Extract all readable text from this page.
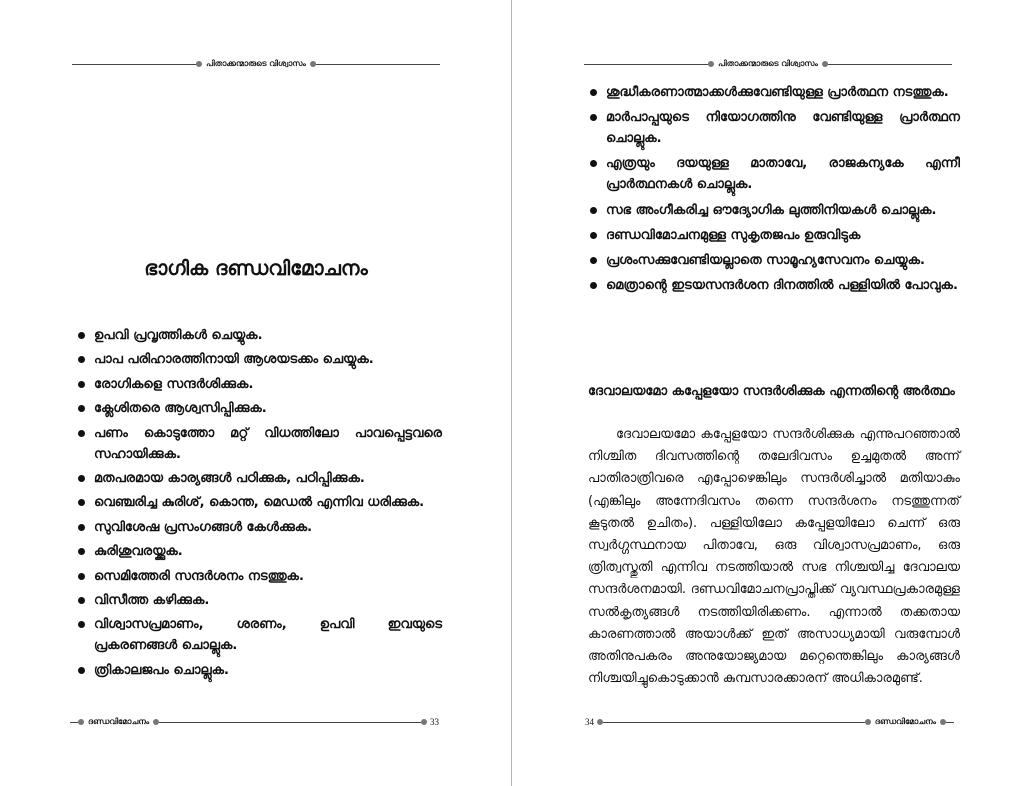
പിതാക്കന്മാരുടെ വിശ്വാസം
ഭാഗിക ദണ്ഡവിമോചനം
ഉപവി പ്രവൃത്തികൾ ചെയ്യുക.
പാപ പരിഹാരത്തിനായി ആശയടക്കം ചെയ്യുക.
രോഗികളെ സന്ദർശിക്കുക.
ക്ലേശിതരെ ആശ്വസിപ്പിക്കുക.
പണം കൊടുത്തോ മറ്റ് വിധത്തിലോ പാവപ്പെട്ടവരെ സഹായിക്കുക.
മതപരമായ കാര്യങ്ങൾ പഠിക്കുക, പഠിപ്പിക്കുക.
വെഞ്ചരിച്ച കുരിശ്, കൊന്ത, മെഡൽ എന്നിവ ധരിക്കുക.
സുവിശേഷ പ്രസംഗങ്ങൾ കേൾക്കുക.
കുരിശുവരയ്ക്കുക.
സെമിത്തേരി സന്ദർശനം നടത്തുക.
വിസീത്ത കഴിക്കുക.
വിശ്വാസപ്രമാണം, ശരണം, ഉപവി ഇവയുടെ പ്രകരണങ്ങൾ ചൊല്ലുക.
ത്രികാലജപം ചൊല്ലുക.
ദണ്ഡവിമോചനം	33
പിതാക്കന്മാരുടെ വിശ്വാസം
ശുദ്ധീകരണാത്മാക്കൾക്കുവേണ്ടിയുള്ള പ്രാർത്ഥന നടത്തുക.
മാർപാപ്പയുടെ നിയോഗത്തിനു വേണ്ടിയുള്ള പ്രാർത്ഥന ചൊല്ലുക.
എത്രയും ദയയുള്ള മാതാവേ, രാജകന്യകേ എന്നീ പ്രാർത്ഥനകൾ ചൊല്ലുക.
സഭ അംഗീകരിച്ച ഔദ്യോഗിക ലുത്തിനിയകൾ ചൊല്ലുക.
ദണ്ഡവിമോചനമുള്ള സുകൃതജപം ഉരുവിടുക
പ്രശംസക്കുവേണ്ടിയല്ലാതെ സാമൂഹ്യസേവനം ചെയ്യുക.
മെത്രാന്റെ ഇടയസന്ദർശന ദിനത്തിൽ പള്ളിയിൽ പോവുക.
ദേവാലയമോ കപ്പേളയോ സന്ദർശിക്കുക എന്നതിന്റെ അർത്ഥം

ദേവാലയമോ കപ്പേളയോ സന്ദർശിക്കുക എന്നുപറഞ്ഞാൽ നിശ്ചിത ദിവസത്തിന്റെ തലേദിവസം ഉച്ചമുതൽ അന്ന് പാതിരാത്രിവരെ എപ്പോഴെങ്കിലും സന്ദർശിച്ചാൽ മതിയാകും (എങ്കിലും അന്നേദിവസം തന്നെ സന്ദർശനം നടത്തുന്നത് കൂടുതൽ ഉചിതം). പള്ളിയിലോ കപ്പേളയിലോ ചെന്ന് ഒരു സ്വർഗ്ഗസ്ഥനായ പിതാവേ, ഒരു വിശ്വാസപ്രമാണം, ഒരു ത്രിത്വസ്തുതി എന്നിവ നടത്തിയാൽ സഭ നിശ്ചയിച്ച ദേവാലയ സന്ദർശനമായി. ദണ്ഡവിമോചനപ്രാപ്തിക്ക് വ്യവസ്ഥപ്രകാരമുള്ള സൽകൃത്യങ്ങൾ നടത്തിയിരിക്കണം. എന്നാൽ തക്കതായ കാരണത്താൽ അയാൾക്ക് ഇത് അസാധ്യമായി വരുമ്പോൾ അതിനുപകരം അനുയോജ്യമായ മറ്റെന്തെങ്കിലും കാര്യങ്ങൾ നിശ്ചയിച്ചുകൊടുക്കാൻ കുമ്പസാരക്കാരന് അധികാരമുണ്ട്.

34	ദണ്ഡവിമോചനം
